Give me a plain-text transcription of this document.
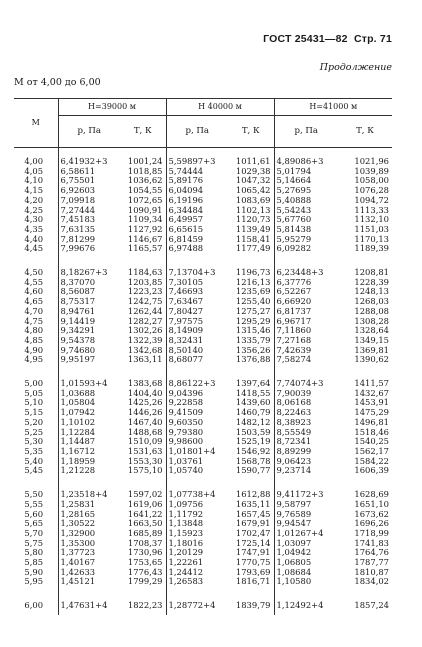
ГОСТ 25431—82 Стр. 71
Продолжение
М от 4,00 до 6,00
М	Н=39000 м		Н 40000 м		Н=41000 м	
	р, Па	Т, К	р, Па	Т, К	р, Па	Т, К

4,00	6,41932+3	1001,24	5,59897+3	1011,61	4,89086+3	1021,96
4,05	6,58611	1018,85	5,74444	1029,38	5,01794	1039,89
4,10	6,75501	1036,62	5,89176	1047,32	5,14664	1058,00
4,15	6,92603	1054,55	6,04094	1065,42	5,27695	1076,28
4,20	7,09918	1072,65	6,19196	1083,69	5,40888	1094,72
4,25	7,27444	1090,91	6,34484	1102,13	5,54243	1113,33
4,30	7,45183	1109,34	6,49957	1120,73	5,67760	1132,10
4,35	7,63135	1127,92	6,65615	1139,49	5,81438	1151,03
4,40	7,81299	1146,67	6,81459	1158,41	5,95279	1170,13
4,45	7,99676	1165,57	6,97488	1177,49	6,09282	1189,39

4,50	8,18267+3	1184,63	7,13704+3	1196,73	6,23448+3	1208,81
4,55	8,37070	1203,85	7,30105	1216,13	6,37776	1228,39
4,60	8,56087	1223,23	7,46693	1235,69	6,52267	1248,13
4,65	8,75317	1242,75	7,63467	1255,40	6,66920	1268,03
4,70	8,94761	1262,44	7,80427	1275,27	6,81737	1288,08
4,75	9,14419	1282,27	7,97575	1295,29	6,96717	1308,28
4,80	9,34291	1302,26	8,14909	1315,46	7,11860	1328,64
4,85	9,54378	1322,39	8,32431	1335,79	7,27168	1349,15
4,90	9,74680	1342,68	8,50140	1356,26	7,42639	1369,81
4,95	9,95197	1363,11	8,68077	1376,88	7,58274	1390,62

5,00	1,01593+4	1383,68	8,86122+3	1397,64	7,74074+3	1411,57
5,05	1,03688	1404,40	9,04396	1418,55	7,90039	1432,67
5,10	1,05804	1425,26	9,22858	1439,60	8,06168	1453,91
5,15	1,07942	1446,26	9,41509	1460,79	8,22463	1475,29
5,20	1,10102	1467,40	9,60350	1482,12	8,38923	1496,81
5,25	1,12284	1488,68	9,79380	1503,59	8,55549	1518,46
5,30	1,14487	1510,09	9,98600	1525,19	8,72341	1540,25
5,35	1,16712	1531,63	1,01801+4	1546,92	8,89299	1562,17
5,40	1,18959	1553,30	1,03761	1568,78	9,06423	1584,22
5,45	1,21228	1575,10	1,05740	1590,77	9,23714	1606,39

5,50	1,23518+4	1597,02	1,07738+4	1612,88	9,41172+3	1628,69
5,55	1,25831	1619,06	1,09756	1635,11	9,58797	1651,10
5,60	1,28165	1641,22	1,11792	1657,45	9,76589	1673,62
5,65	1,30522	1663,50	1,13848	1679,91	9,94547	1696,26
5,70	1,32900	1685,89	1,15923	1702,47	1,01267+4	1718,99
5,75	1,35300	1708,37	1,18016	1725,14	1,03097	1741,83
5,80	1,37723	1730,96	1,20129	1747,91	1,04942	1764,76
5,85	1,40167	1753,65	1,22261	1770,75	1,06805	1787,77
5,90	1,42633	1776,43	1,24412	1793,69	1,08684	1810,87
5,95	1,45121	1799,29	1,26583	1816,71	1,10580	1834,02

6,00	1,47631+4	1822,23	1,28772+4	1839,79	1,12492+4	1857,24
